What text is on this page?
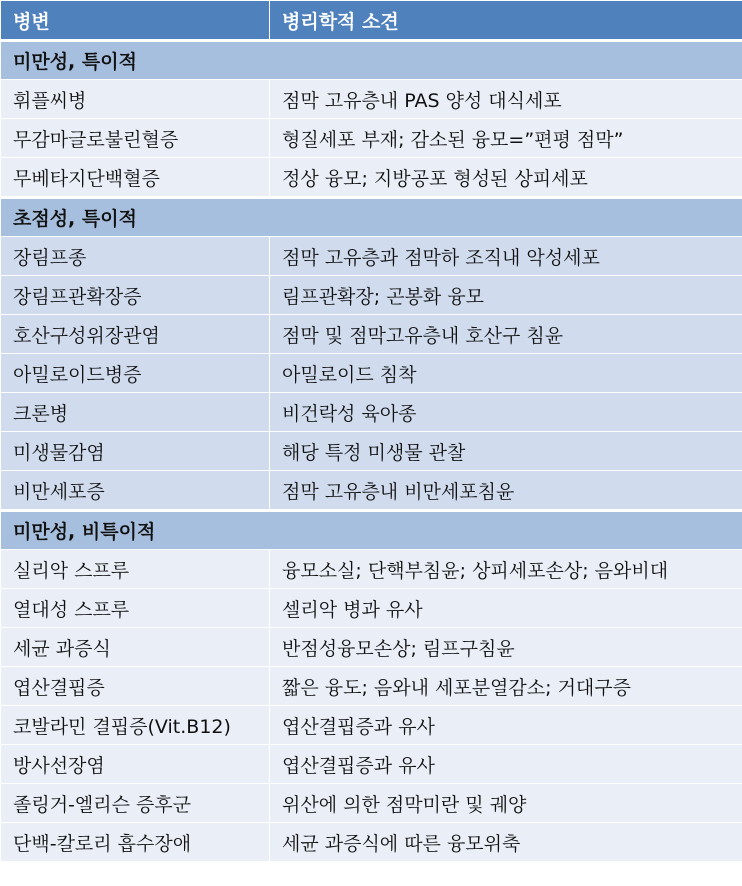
병변	병리학적 소견
미만성, 특이적	
휘플씨병	점막 고유층내 PAS 양성 대식세포
무감마글로불린혈증	형질세포 부재; 감소된 융모=”편평 점막”
무베타지단백혈증	정상 융모; 지방공포 형성된 상피세포
초점성, 특이적	
장림프종	점막 고유층과 점막하 조직내 악성세포
장림프관확장증	림프관확장; 곤봉화 융모
호산구성위장관염	점막 및 점막고유층내 호산구 침윤
아밀로이드병증	아밀로이드 침착
크론병	비건락성 육아종
미생물감염	해당 특정 미생물 관찰
비만세포증	점막 고유층내 비만세포침윤
미만성, 비특이적	
실리악 스프루	융모소실; 단핵부침윤; 상피세포손상; 음와비대
열대성 스프루	셀리악 병과 유사
세균 과증식	반점성융모손상; 림프구침윤
엽산결핍증	짧은 융도; 음와내 세포분열감소; 거대구증
코발라민 결핍증(Vit.B12)	엽산결핍증과 유사
방사선장염	엽산결핍증과 유사
졸링거-엘리슨 증후군	위산에 의한 점막미란 및 궤양
단백-칼로리 흡수장애	세균 과증식에 따른 융모위축
